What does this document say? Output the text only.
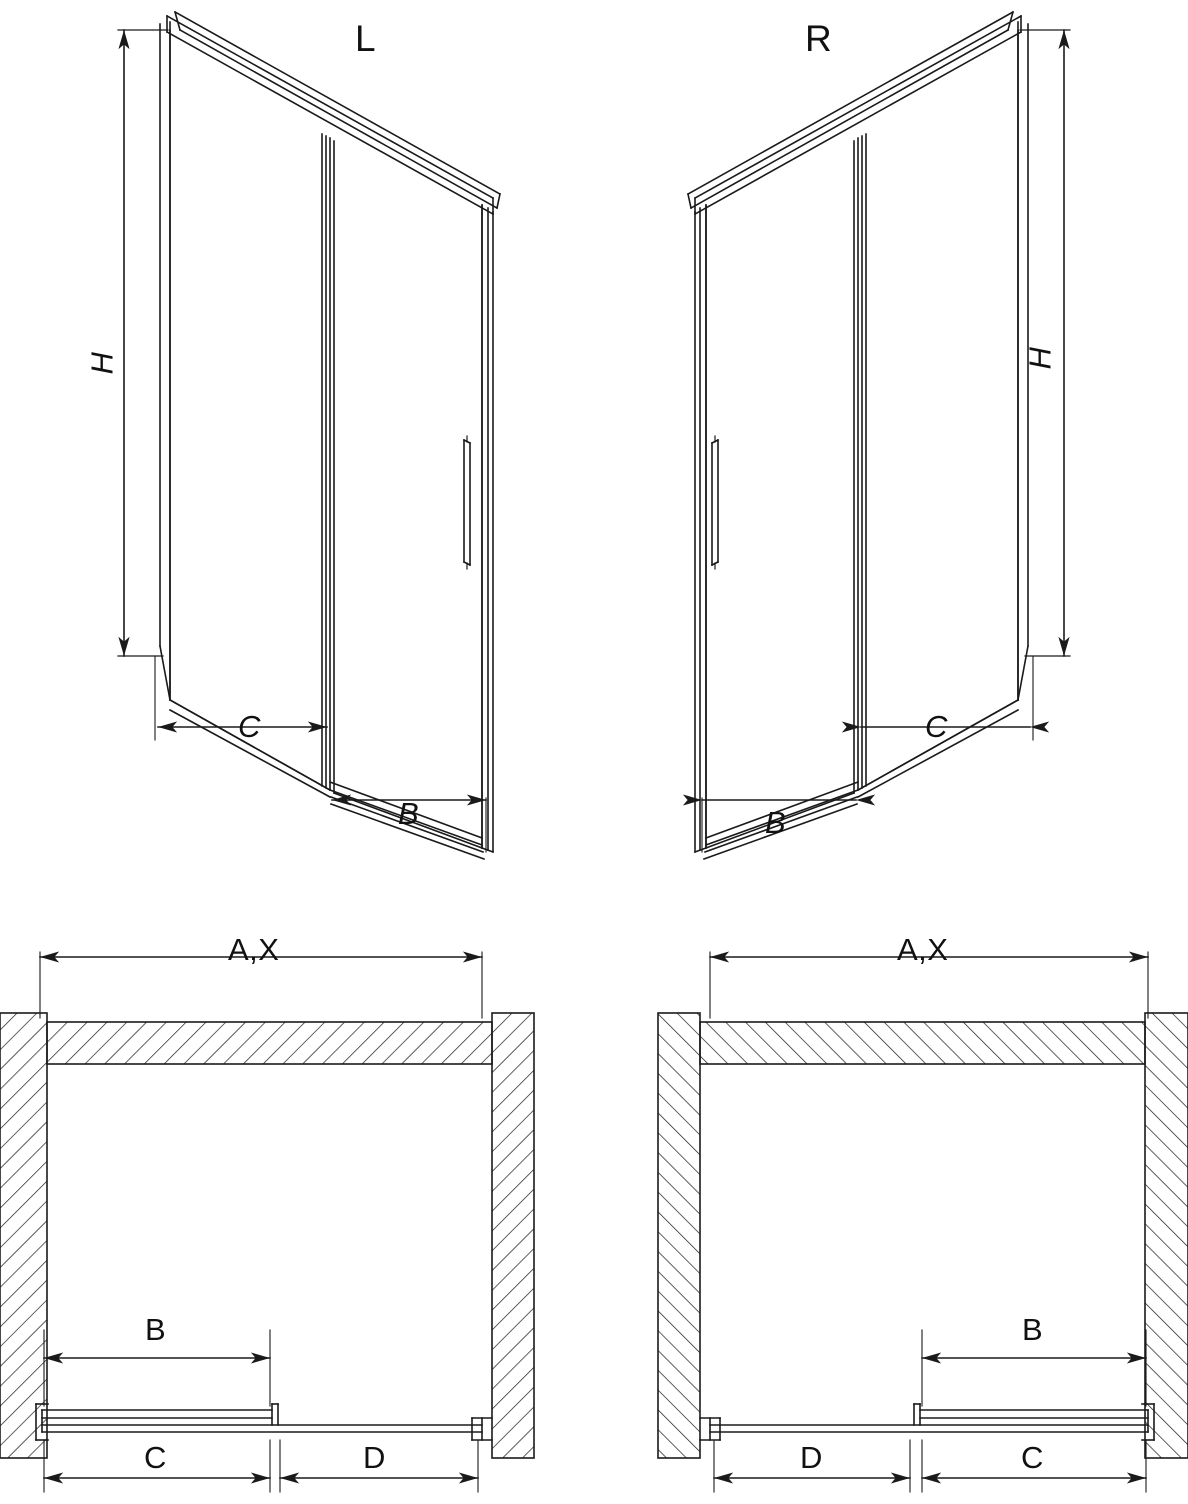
L	R
H	H
C
B
C
B
A,X	A,X
B
C	D
B
D	C
